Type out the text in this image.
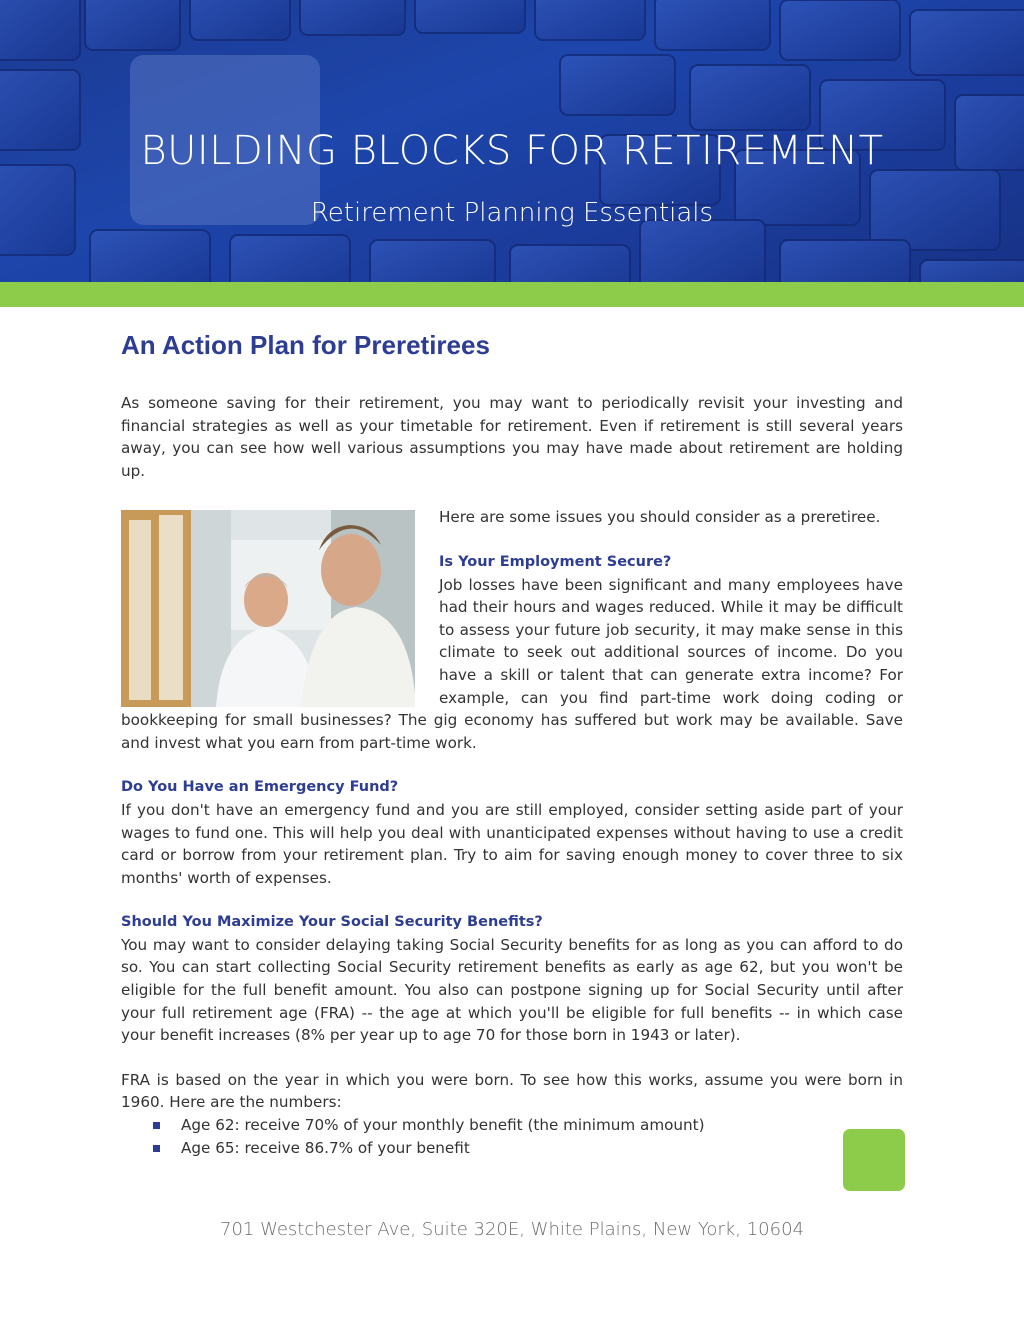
BUILDING BLOCKS FOR RETIREMENT
Retirement Planning Essentials
An Action Plan for Preretirees

As someone saving for their retirement, you may want to periodically revisit your investing and financial strategies as well as your timetable for retirement. Even if retirement is still several years away, you can see how well various assumptions you may have made about retirement are holding up.

Here are some issues you should consider as a preretiree.

Is Your Employment Secure?

Job losses have been significant and many employees have had their hours and wages reduced. While it may be difficult to assess your future job security, it may make sense in this climate to seek out additional sources of income. Do you have a skill or talent that can generate extra income? For example, can you find part-time work doing coding or bookkeeping for small businesses? The gig economy has suffered but work may be available. Save and invest what you earn from part-time work.

Do You Have an Emergency Fund?

If you don't have an emergency fund and you are still employed, consider setting aside part of your wages to fund one. This will help you deal with unanticipated expenses without having to use a credit card or borrow from your retirement plan. Try to aim for saving enough money to cover three to six months' worth of expenses.

Should You Maximize Your Social Security Benefits?

You may want to consider delaying taking Social Security benefits for as long as you can afford to do so. You can start collecting Social Security retirement benefits as early as age 62, but you won't be eligible for the full benefit amount. You also can postpone signing up for Social Security until after your full retirement age (FRA) -- the age at which you'll be eligible for full benefits -- in which case your benefit increases (8% per year up to age 70 for those born in 1943 or later).

FRA is based on the year in which you were born. To see how this works, assume you were born in 1960. Here are the numbers:

Age 62: receive 70% of your monthly benefit (the minimum amount)
Age 65: receive 86.7% of your benefit
701 Westchester Ave, Suite 320E, White Plains, New York, 10604
